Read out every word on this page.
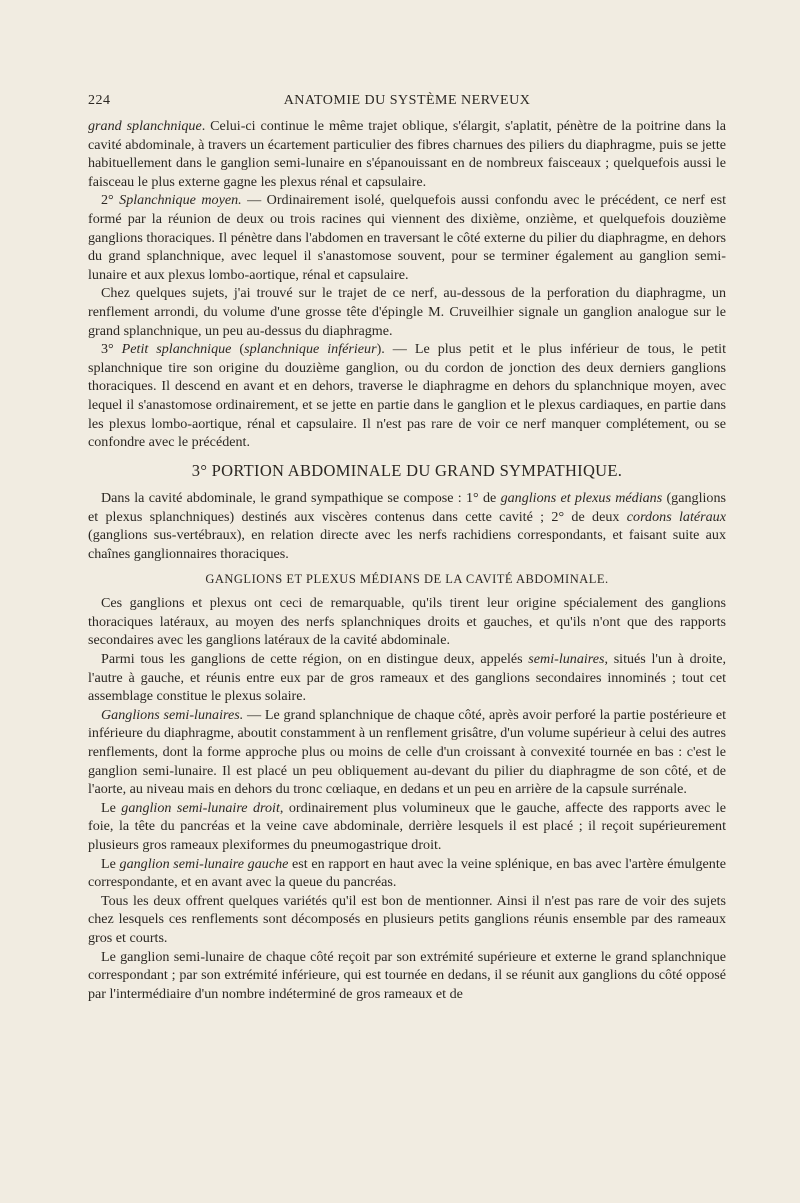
224	ANATOMIE DU SYSTÈME NERVEUX

grand splanchnique. Celui-ci continue le même trajet oblique, s'élargit, s'aplatit, pénètre de la poitrine dans la cavité abdominale, à travers un écartement particulier des fibres charnues des piliers du diaphragme, puis se jette habituellement dans le ganglion semi-lunaire en s'épanouissant en de nombreux faisceaux ; quelquefois aussi le faisceau le plus externe gagne les plexus rénal et capsulaire.

2° Splanchnique moyen. — Ordinairement isolé, quelquefois aussi confondu avec le précédent, ce nerf est formé par la réunion de deux ou trois racines qui viennent des dixième, onzième, et quelquefois douzième ganglions thoraciques. Il pénètre dans l'abdomen en traversant le côté externe du pilier du diaphragme, en dehors du grand splanchnique, avec lequel il s'anastomose souvent, pour se terminer également au ganglion semi-lunaire et aux plexus lombo-aortique, rénal et capsulaire.

Chez quelques sujets, j'ai trouvé sur le trajet de ce nerf, au-dessous de la perforation du diaphragme, un renflement arrondi, du volume d'une grosse tête d'épingle M. Cruveilhier signale un ganglion analogue sur le grand splanchnique, un peu au-dessus du diaphragme.

3° Petit splanchnique (splanchnique inférieur). — Le plus petit et le plus inférieur de tous, le petit splanchnique tire son origine du douzième ganglion, ou du cordon de jonction des deux derniers ganglions thoraciques. Il descend en avant et en dehors, traverse le diaphragme en dehors du splanchnique moyen, avec lequel il s'anastomose ordinairement, et se jette en partie dans le ganglion et le plexus cardiaques, en partie dans les plexus lombo-aortique, rénal et capsulaire. Il n'est pas rare de voir ce nerf manquer complétement, ou se confondre avec le précédent.

3° PORTION ABDOMINALE DU GRAND SYMPATHIQUE.

Dans la cavité abdominale, le grand sympathique se compose : 1° de ganglions et plexus médians (ganglions et plexus splanchniques) destinés aux viscères contenus dans cette cavité ; 2° de deux cordons latéraux (ganglions sus-vertébraux), en relation directe avec les nerfs rachidiens correspondants, et faisant suite aux chaînes ganglionnaires thoraciques.

GANGLIONS ET PLEXUS MÉDIANS DE LA CAVITÉ ABDOMINALE.

Ces ganglions et plexus ont ceci de remarquable, qu'ils tirent leur origine spécialement des ganglions thoraciques latéraux, au moyen des nerfs splanchniques droits et gauches, et qu'ils n'ont que des rapports secondaires avec les ganglions latéraux de la cavité abdominale.

Parmi tous les ganglions de cette région, on en distingue deux, appelés semi-lunaires, situés l'un à droite, l'autre à gauche, et réunis entre eux par de gros rameaux et des ganglions secondaires innominés ; tout cet assemblage constitue le plexus solaire.

Ganglions semi-lunaires. — Le grand splanchnique de chaque côté, après avoir perforé la partie postérieure et inférieure du diaphragme, aboutit constamment à un renflement grisâtre, d'un volume supérieur à celui des autres renflements, dont la forme approche plus ou moins de celle d'un croissant à convexité tournée en bas : c'est le ganglion semi-lunaire. Il est placé un peu obliquement au-devant du pilier du diaphragme de son côté, et de l'aorte, au niveau mais en dehors du tronc cœliaque, en dedans et un peu en arrière de la capsule surrénale.

Le ganglion semi-lunaire droit, ordinairement plus volumineux que le gauche, affecte des rapports avec le foie, la tête du pancréas et la veine cave abdominale, derrière lesquels il est placé ; il reçoit supérieurement plusieurs gros rameaux plexiformes du pneumogastrique droit.

Le ganglion semi-lunaire gauche est en rapport en haut avec la veine splénique, en bas avec l'artère émulgente correspondante, et en avant avec la queue du pancréas.

Tous les deux offrent quelques variétés qu'il est bon de mentionner. Ainsi il n'est pas rare de voir des sujets chez lesquels ces renflements sont décomposés en plusieurs petits ganglions réunis ensemble par des rameaux gros et courts.

Le ganglion semi-lunaire de chaque côté reçoit par son extrémité supérieure et externe le grand splanchnique correspondant ; par son extrémité inférieure, qui est tournée en dedans, il se réunit aux ganglions du côté opposé par l'intermédiaire d'un nombre indéterminé de gros rameaux et de
